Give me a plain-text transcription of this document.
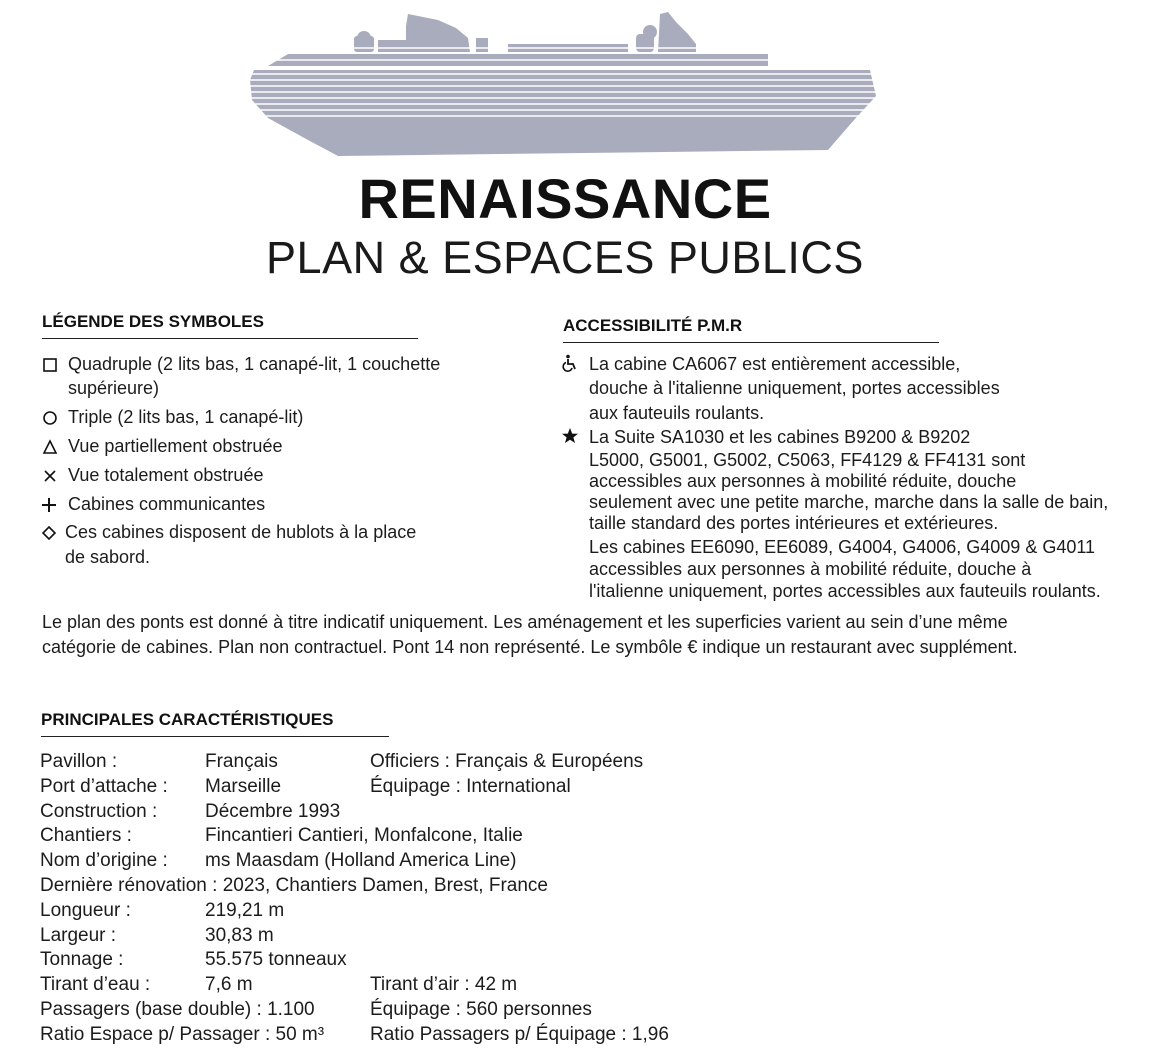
RENAISSANCE
PLAN & ESPACES PUBLICS
LÉGENDE DES SYMBOLES
Quadruple (2 lits bas, 1 canapé-lit, 1 couchette
supérieure)
Triple (2 lits bas, 1 canapé-lit)
Vue partiellement obstruée
Vue totalement obstruée
Cabines communicantes
Ces cabines disposent de hublots à la place
de sabord.
ACCESSIBILITÉ P.M.R
La cabine CA6067 est entièrement accessible,
douche à l'italienne uniquement, portes accessibles
aux fauteuils roulants.
La Suite SA1030 et les cabines B9200 & B9202
L5000, G5001, G5002, C5063, FF4129 & FF4131 sont
accessibles aux personnes à mobilité réduite, douche
seulement avec une petite marche, marche dans la salle de bain,
taille standard des portes intérieures et extérieures.
Les cabines EE6090, EE6089, G4004, G4006, G4009 & G4011
accessibles aux personnes à mobilité réduite, douche à
l'italienne uniquement, portes accessibles aux fauteuils roulants.
Le plan des ponts est donné à titre indicatif uniquement. Les aménagement et les superficies varient au sein d’une même
catégorie de cabines. Plan non contractuel. Pont 14 non représenté. Le symbôle € indique un restaurant avec supplément.
PRINCIPALES CARACTÉRISTIQUES
Pavillon :	Français	Officiers : Français & Européens
Port d’attache : Marseille	Équipage : International
Construction :	Décembre 1993
Chantiers :	Fincantieri Cantieri, Monfalcone, Italie
Nom d’origine : ms Maasdam (Holland America Line)
Dernière rénovation : 2023, Chantiers Damen, Brest, France
Longueur :	219,21 m
Largeur :	30,83 m
Tonnage :	55.575 tonneaux
Tirant d’eau :	7,6 m	Tirant d’air : 42 m
Passagers (base double) : 1.100	Équipage : 560 personnes
Ratio Espace p/ Passager : 50 m³ Ratio Passagers p/ Équipage : 1,96
